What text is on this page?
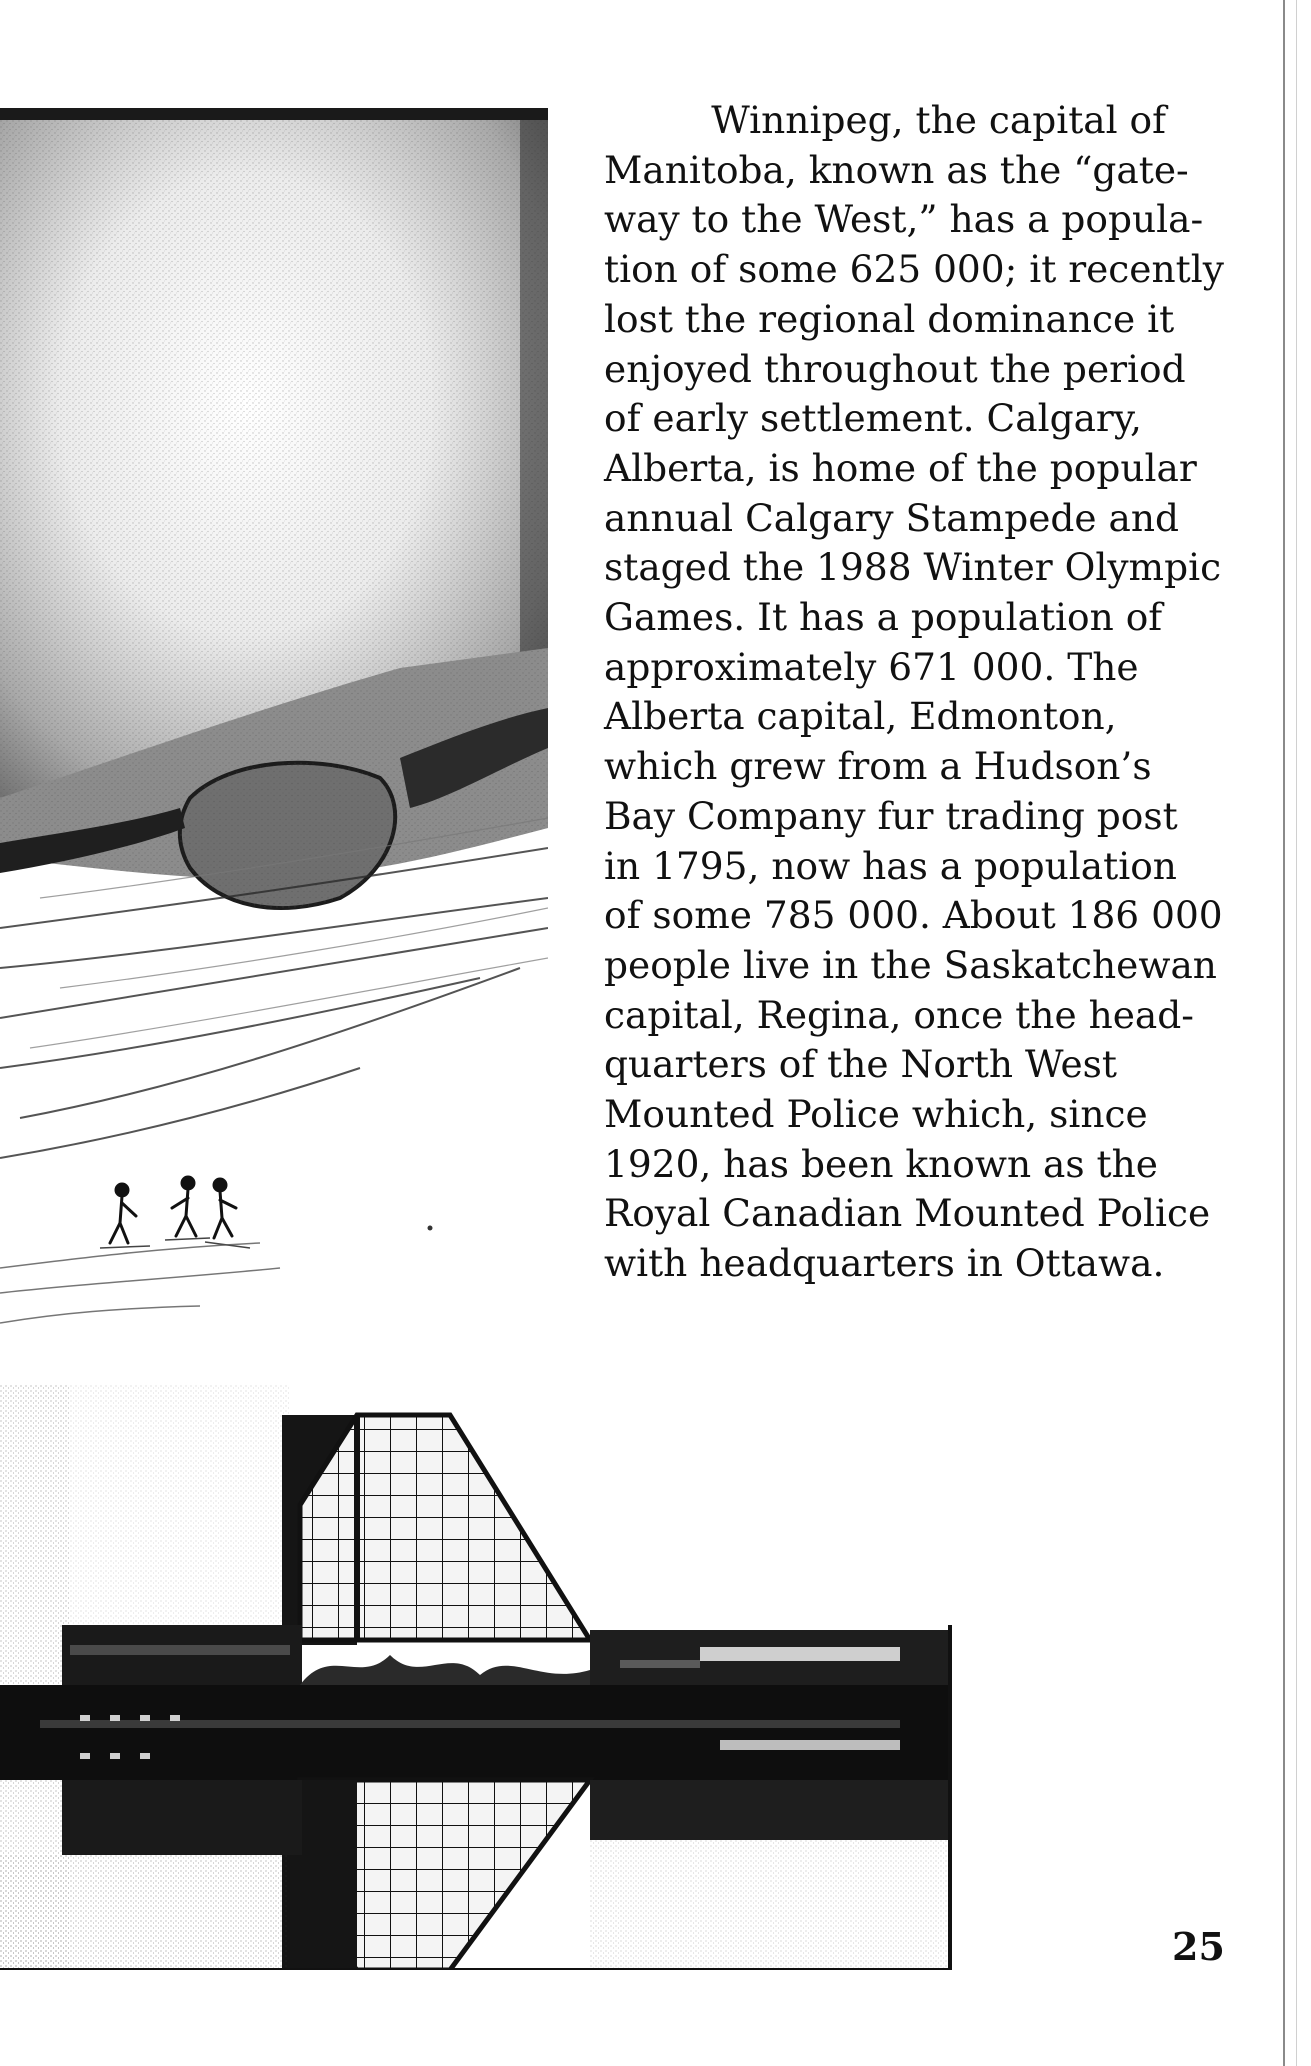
Winnipeg, the capital of
Manitoba, known as the “gate-
way to the West,” has a popula-
tion of some 625 000; it recently
lost the regional dominance it
enjoyed throughout the period
of early settlement. Calgary,
Alberta, is home of the popular
annual Calgary Stampede and
staged the 1988 Winter Olympic
Games. It has a population of
approximately 671 000. The
Alberta capital, Edmonton,
which grew from a Hudson’s
Bay Company fur trading post
in 1795, now has a population
of some 785 000. About 186 000
people live in the Saskatchewan
capital, Regina, once the head-
quarters of the North West
Mounted Police which, since
1920, has been known as the
Royal Canadian Mounted Police
with headquarters in Ottawa.
25
